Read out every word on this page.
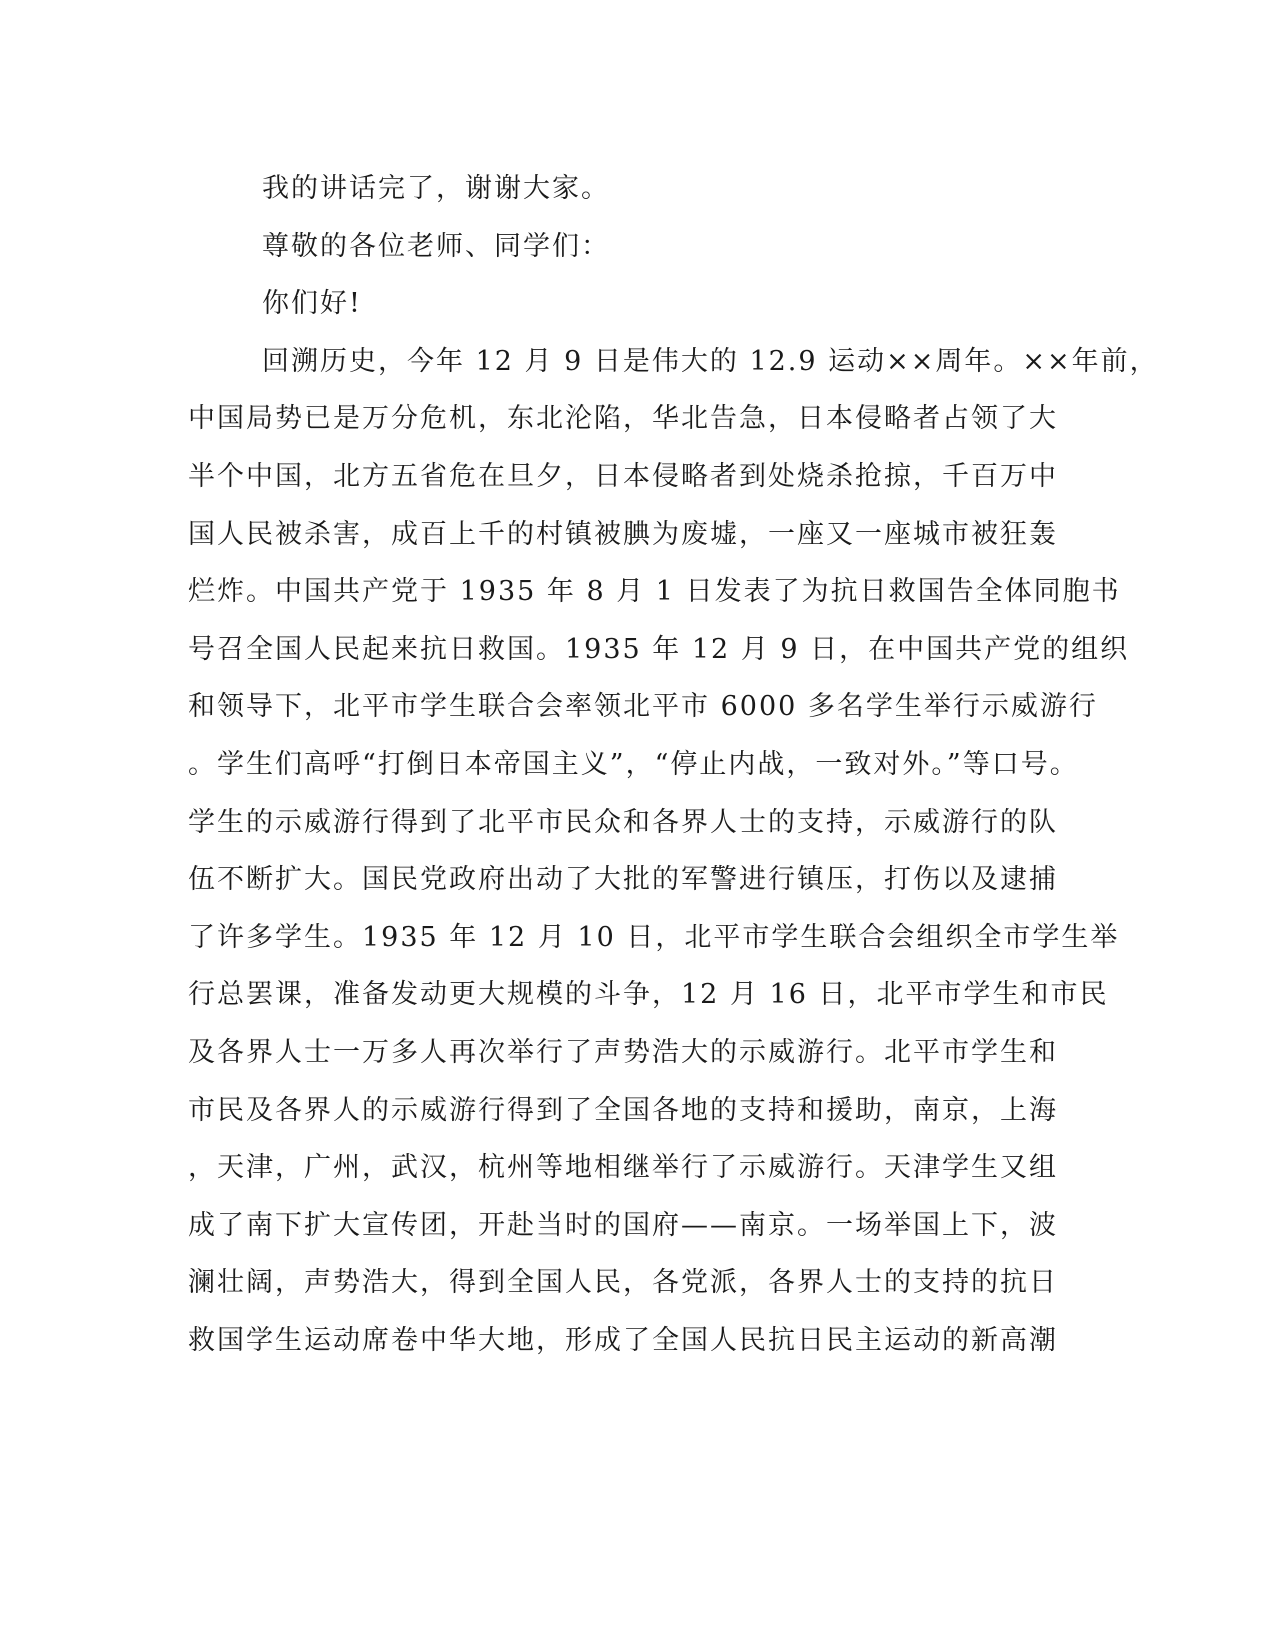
我的讲话完了，谢谢大家。
尊敬的各位老师、同学们：
你们好!
回溯历史，今年 12 月 9 日是伟大的 12.9 运动××周年。××年前，
中国局势已是万分危机，东北沦陷，华北告急，日本侵略者占领了大
半个中国，北方五省危在旦夕，日本侵略者到处烧杀抢掠，千百万中
国人民被杀害，成百上千的村镇被腆为废墟，一座又一座城市被狂轰
烂炸。中国共产党于 1935 年 8 月 1 日发表了为抗日救国告全体同胞书
号召全国人民起来抗日救国。1935 年 12 月 9 日，在中国共产党的组织
和领导下，北平市学生联合会率领北平市 6000 多名学生举行示威游行
。学生们高呼“打倒日本帝国主义”，“停止内战，一致对外。”等口号。
学生的示威游行得到了北平市民众和各界人士的支持，示威游行的队
伍不断扩大。国民党政府出动了大批的军警进行镇压，打伤以及逮捕
了许多学生。1935 年 12 月 10 日，北平市学生联合会组织全市学生举
行总罢课，准备发动更大规模的斗争，12 月 16 日，北平市学生和市民
及各界人士一万多人再次举行了声势浩大的示威游行。北平市学生和
市民及各界人的示威游行得到了全国各地的支持和援助，南京，上海
，天津，广州，武汉，杭州等地相继举行了示威游行。天津学生又组
成了南下扩大宣传团，开赴当时的国府——南京。一场举国上下，波
澜壮阔，声势浩大，得到全国人民，各党派，各界人士的支持的抗日
救国学生运动席卷中华大地，形成了全国人民抗日民主运动的新高潮
